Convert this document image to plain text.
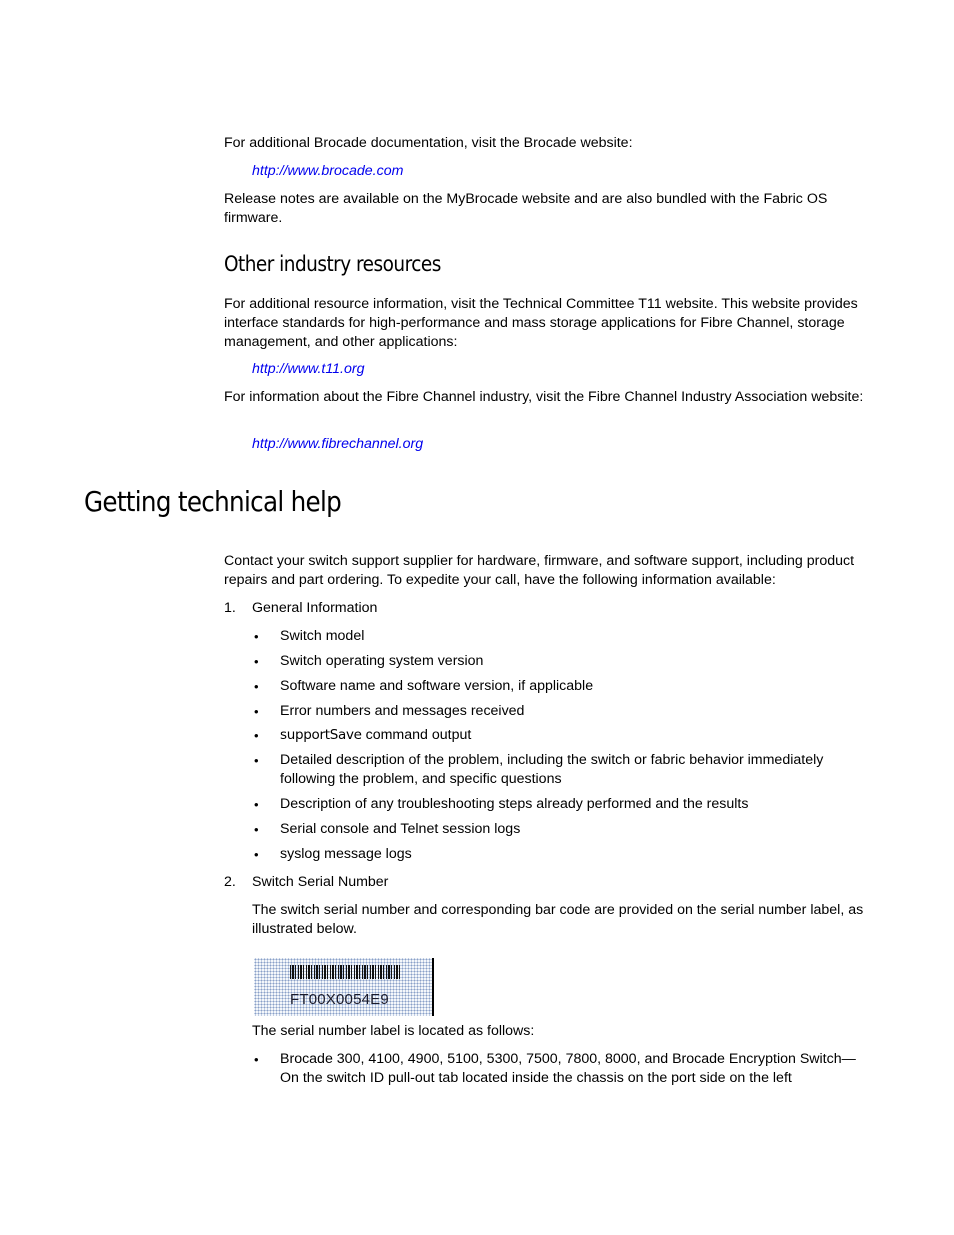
For additional Brocade documentation, visit the Brocade website:
http://www.brocade.com
Release notes are available on the MyBrocade website and are also bundled with the Fabric OS firmware.
Other industry resources
For additional resource information, visit the Technical Committee T11 website. This website provides interface standards for high-performance and mass storage applications for Fibre Channel, storage management, and other applications:
http://www.t11.org
For information about the Fibre Channel industry, visit the Fibre Channel Industry Association website:
http://www.fibrechannel.org
Getting technical help
Contact your switch support supplier for hardware, firmware, and software support, including product repairs and part ordering. To expedite your call, have the following information available:
1.	General Information
•	Switch model
•	Switch operating system version
•	Software name and software version, if applicable
•	Error numbers and messages received
•	supportSave command output
•	Detailed description of the problem, including the switch or fabric behavior immediately following the problem, and specific questions
•	Description of any troubleshooting steps already performed and the results
•	Serial console and Telnet session logs
•	syslog message logs
2.	Switch Serial Number
The switch serial number and corresponding bar code are provided on the serial number label, as illustrated below.
FT00X0054E9
The serial number label is located as follows:
•	Brocade 300, 4100, 4900, 5100, 5300, 7500, 7800, 8000, and Brocade Encryption Switch—On the switch ID pull-out tab located inside the chassis on the port side on the left
